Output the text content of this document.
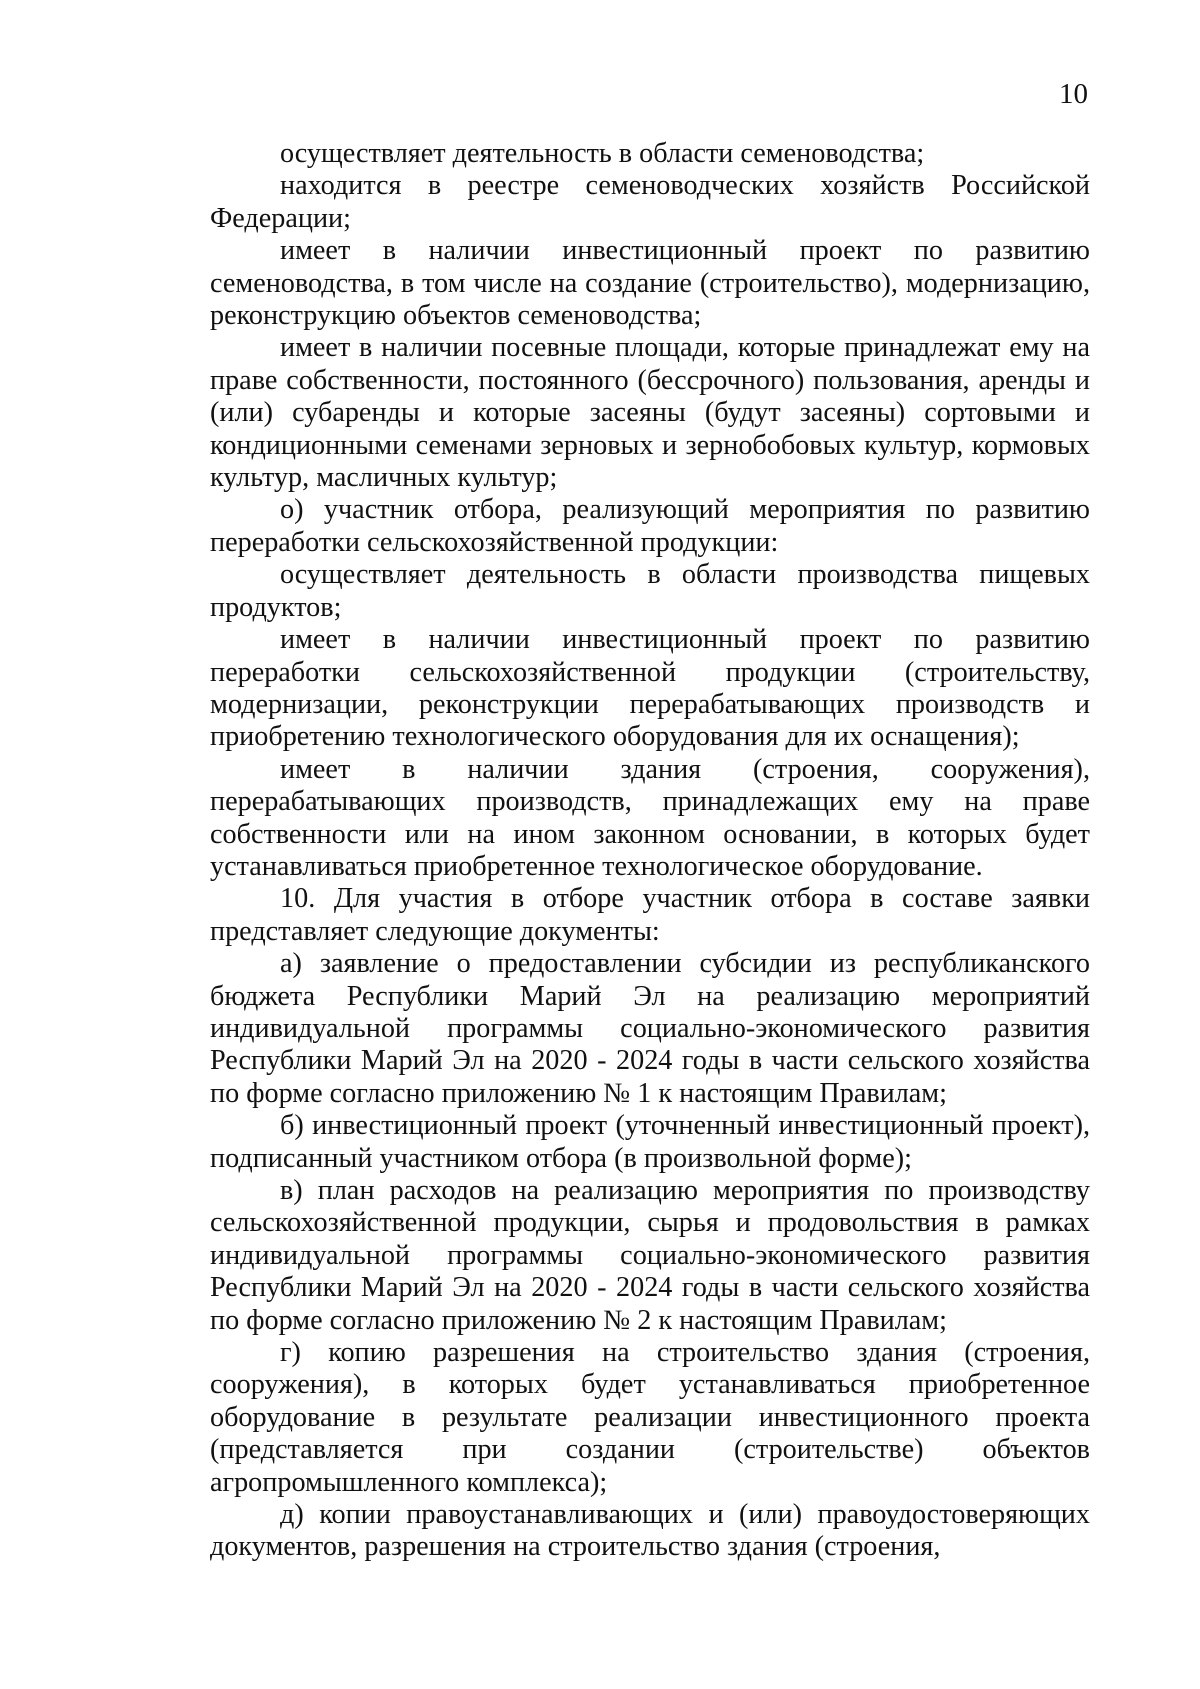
10

осуществляет деятельность в области семеноводства;

находится в реестре семеноводческих хозяйств Российской Федерации;

имеет в наличии инвестиционный проект по развитию семеноводства, в том числе на создание (строительство), модернизацию, реконструкцию объектов семеноводства;

имеет в наличии посевные площади, которые принадлежат ему на праве собственности, постоянного (бессрочного) пользования, аренды и (или) субаренды и которые засеяны (будут засеяны) сортовыми и кондиционными семенами зерновых и зернобобовых культур, кормовых культур, масличных культур;

о) участник отбора, реализующий мероприятия по развитию переработки сельскохозяйственной продукции:

осуществляет деятельность в области производства пищевых продуктов;

имеет в наличии инвестиционный проект по развитию переработки сельскохозяйственной продукции (строительству, модернизации, реконструкции перерабатывающих производств и приобретению технологического оборудования для их оснащения);

имеет в наличии здания (строения, сооружения), перерабатывающих производств, принадлежащих ему на праве собственности или на ином законном основании, в которых будет устанавливаться приобретенное технологическое оборудование.

10. Для участия в отборе участник отбора в составе заявки представляет следующие документы:

а) заявление о предоставлении субсидии из республиканского бюджета Республики Марий Эл на реализацию мероприятий индивидуальной программы социально-экономического развития Республики Марий Эл на 2020 - 2024 годы в части сельского хозяйства по форме согласно приложению № 1 к настоящим Правилам;

б) инвестиционный проект (уточненный инвестиционный проект), подписанный участником отбора (в произвольной форме);

в) план расходов на реализацию мероприятия по производству сельскохозяйственной продукции, сырья и продовольствия в рамках индивидуальной программы социально-экономического развития Республики Марий Эл на 2020 - 2024 годы в части сельского хозяйства по форме согласно приложению № 2 к настоящим Правилам;

г) копию разрешения на строительство здания (строения, сооружения), в которых будет устанавливаться приобретенное оборудование в результате реализации инвестиционного проекта (представляется при создании (строительстве) объектов агропромышленного комплекса);

д) копии правоустанавливающих и (или) правоудостоверяющих документов, разрешения на строительство здания (строения,
